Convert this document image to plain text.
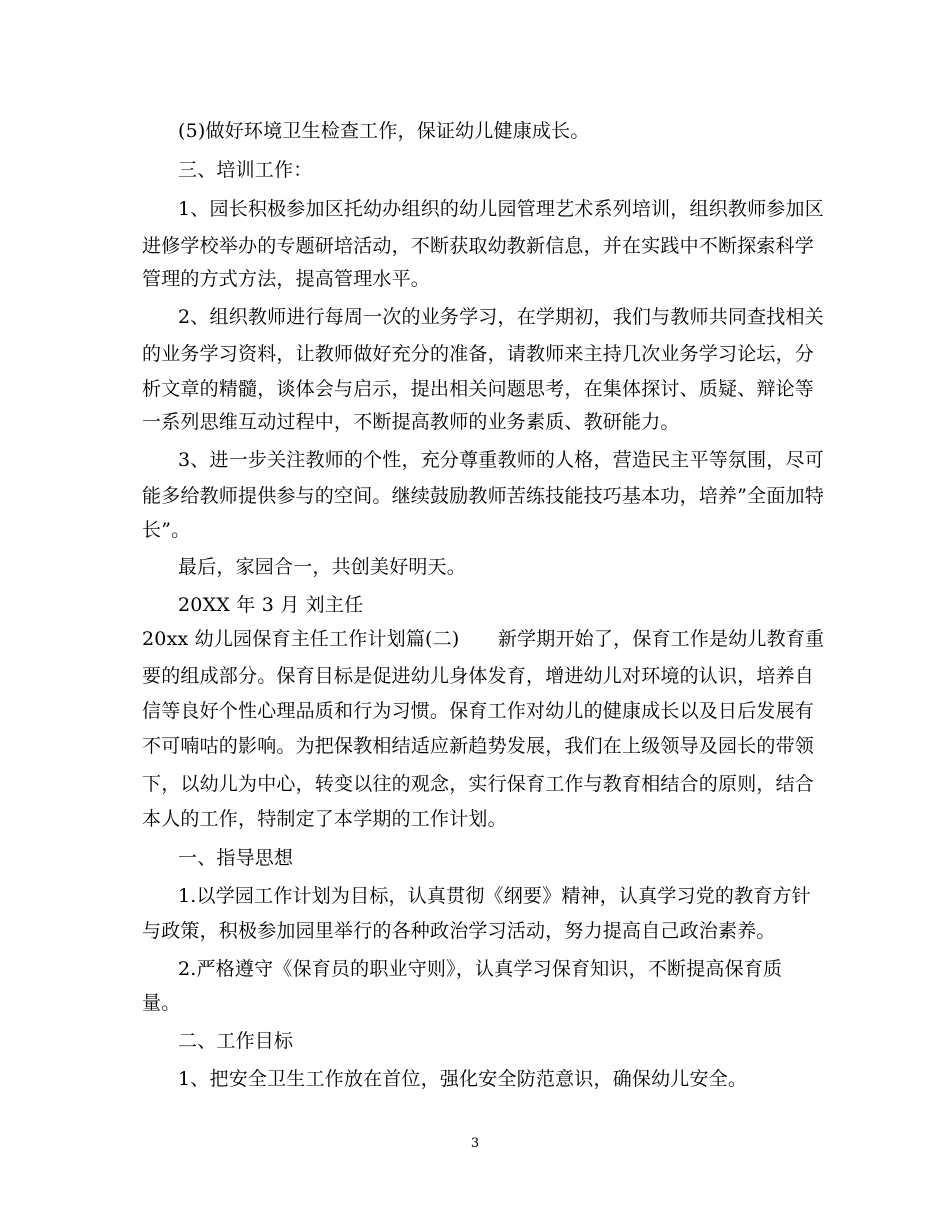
(5)做好环境卫生检查工作，保证幼儿健康成长。
三、培训工作：
1、园长积极参加区托幼办组织的幼儿园管理艺术系列培训，组织教师参加区
进修学校举办的专题研培活动，不断获取幼教新信息，并在实践中不断探索科学
管理的方式方法，提高管理水平。
2、组织教师进行每周一次的业务学习，在学期初，我们与教师共同查找相关
的业务学习资料，让教师做好充分的准备，请教师来主持几次业务学习论坛，分
析文章的精髓，谈体会与启示，提出相关问题思考，在集体探讨、质疑、辩论等
一系列思维互动过程中，不断提高教师的业务素质、教研能力。
3、进一步关注教师的个性，充分尊重教师的人格，营造民主平等氛围，尽可
能多给教师提供参与的空间。继续鼓励教师苦练技能技巧基本功，培养”全面加特
长”。
最后，家园合一，共创美好明天。
20XX 年 3 月 刘主任
20xx 幼儿园保育主任工作计划篇(二)　　新学期开始了，保育工作是幼儿教育重
要的组成部分。保育目标是促进幼儿身体发育，增进幼儿对环境的认识，培养自
信等良好个性心理品质和行为习惯。保育工作对幼儿的健康成长以及日后发展有
不可喃咕的影响。为把保教相结适应新趋势发展，我们在上级领导及园长的带领
下，以幼儿为中心，转变以往的观念，实行保育工作与教育相结合的原则，结合
本人的工作，特制定了本学期的工作计划。
一、指导思想
1.以学园工作计划为目标，认真贯彻《纲要》精神，认真学习党的教育方针
与政策，积极参加园里举行的各种政治学习活动，努力提高自己政治素养。
2.严格遵守《保育员的职业守则》，认真学习保育知识，不断提高保育质
量。
二、工作目标
1、把安全卫生工作放在首位，强化安全防范意识，确保幼儿安全。
3
